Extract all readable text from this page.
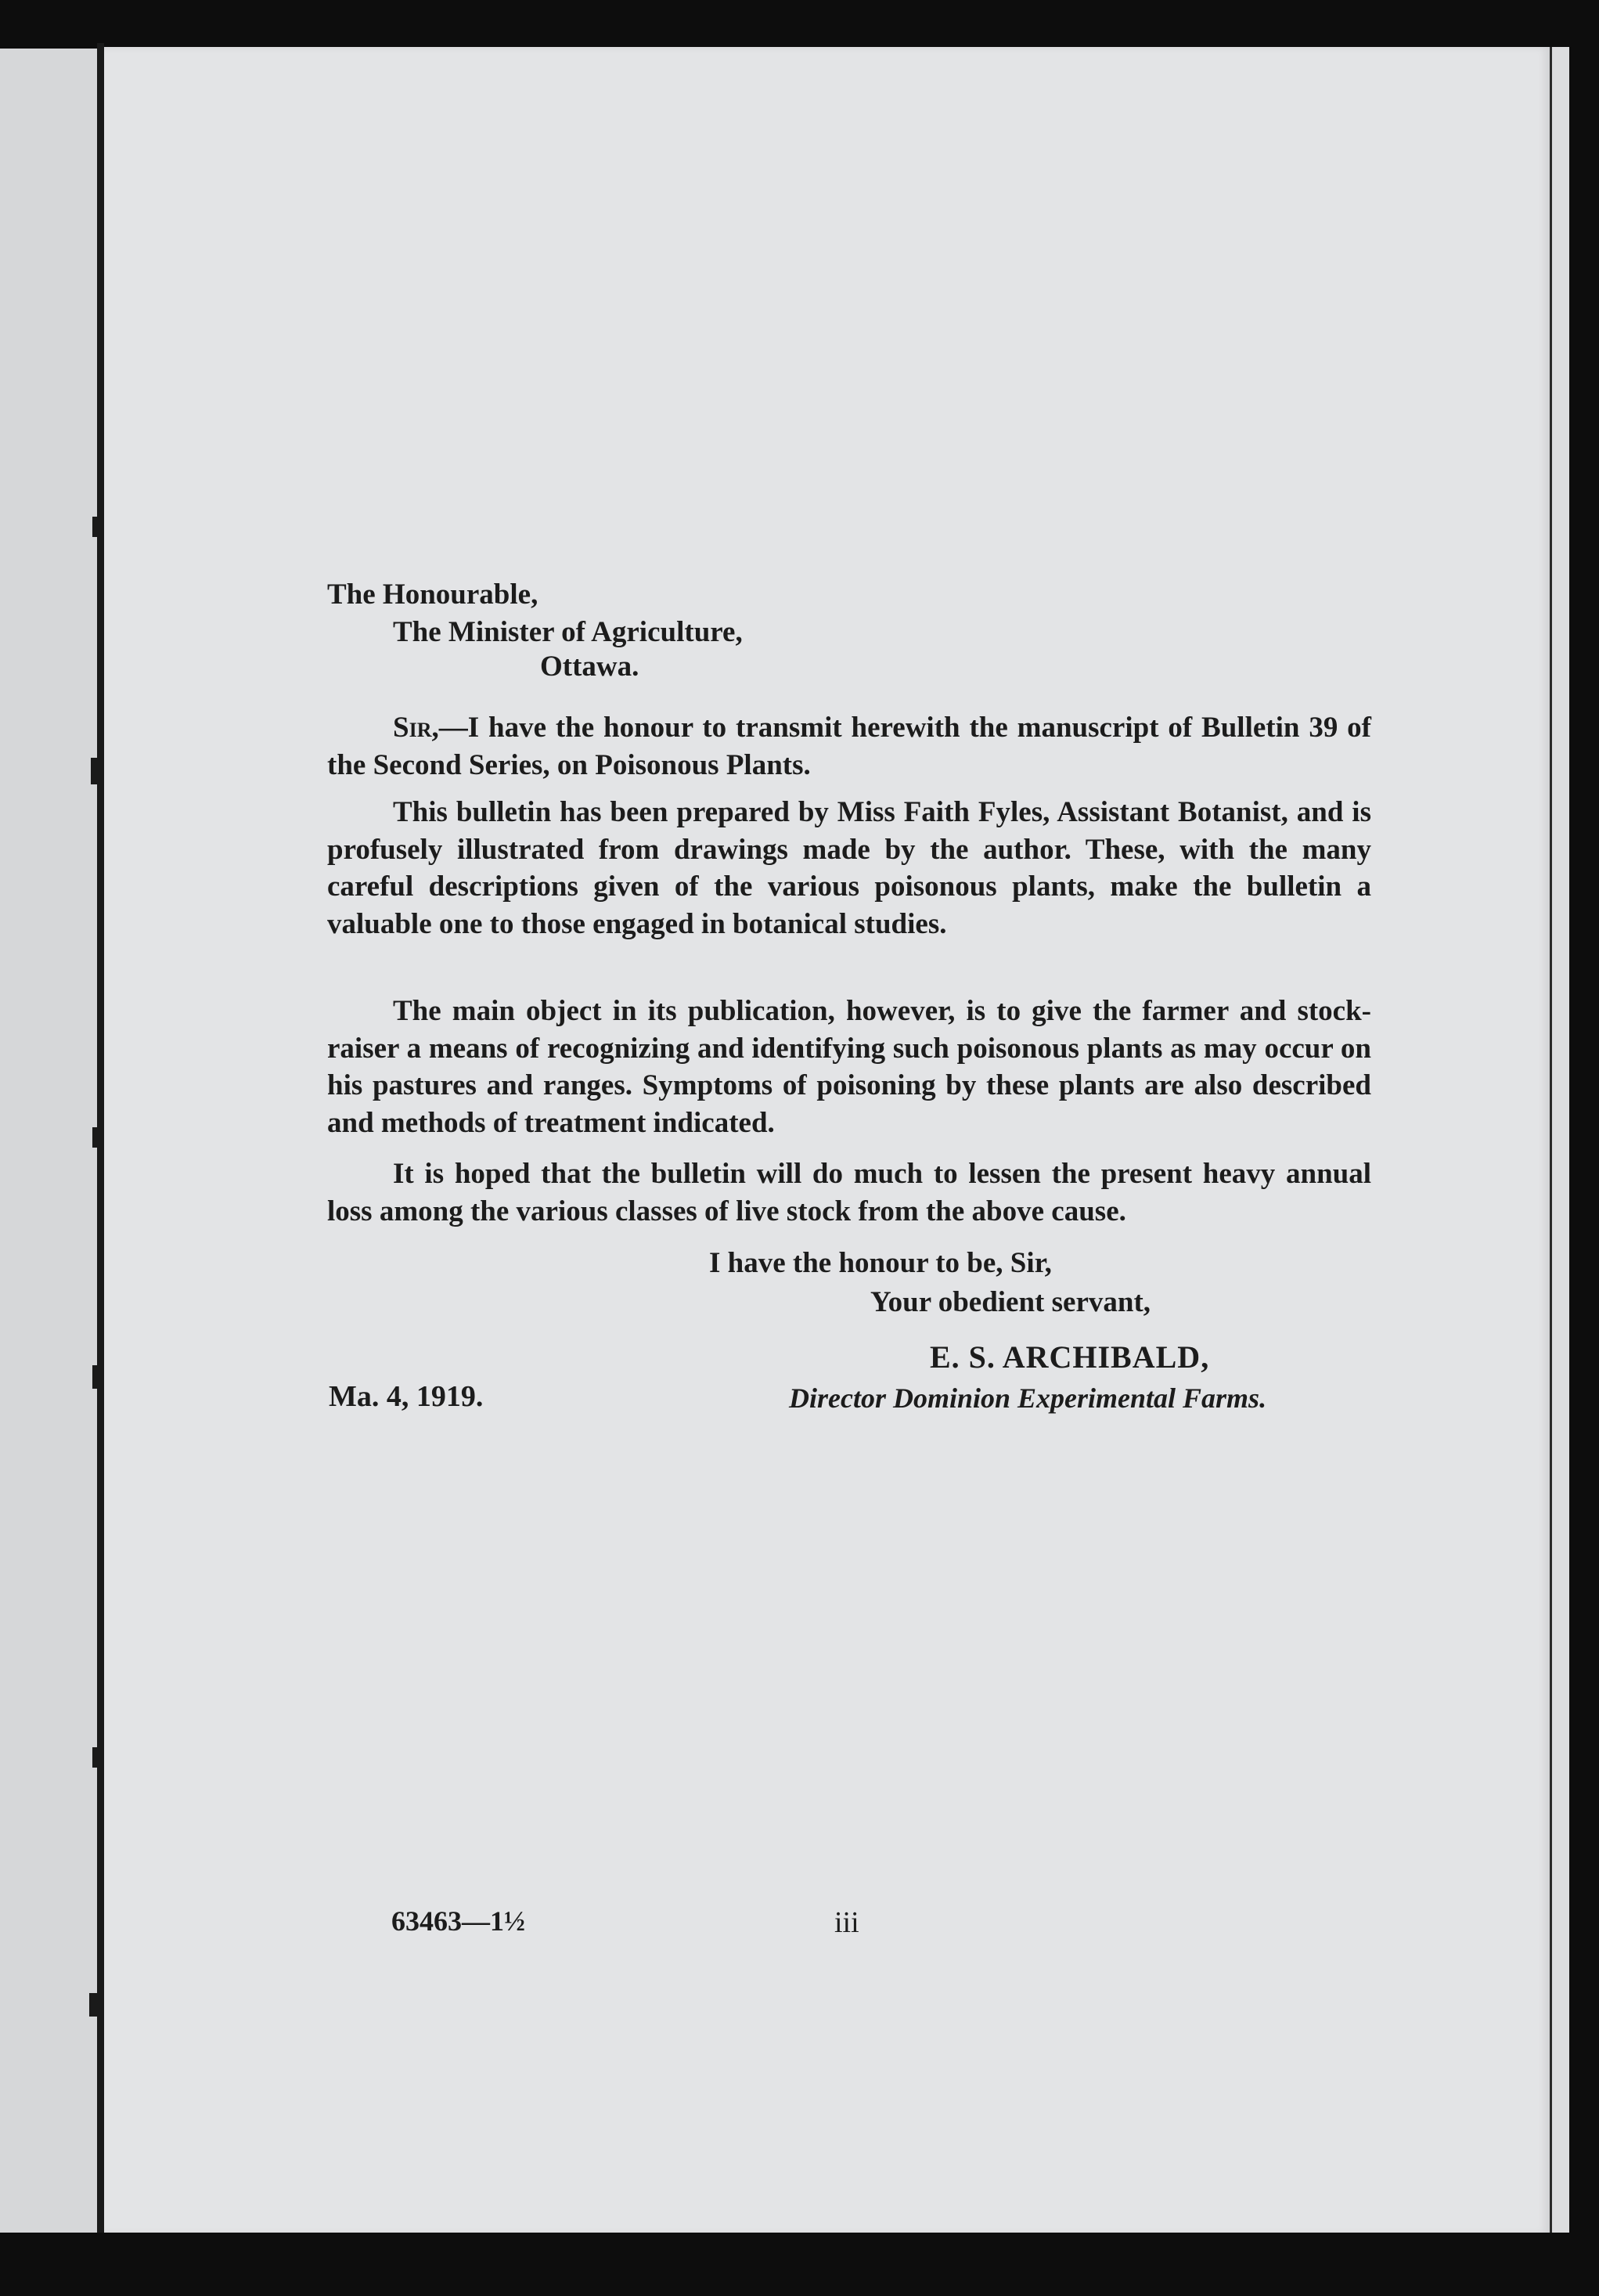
The Honourable,
The Minister of Agriculture,
Ottawa.
Sir,—I have the honour to transmit herewith the manuscript of Bulletin 39 of the Second Series, on Poisonous Plants.
This bulletin has been prepared by Miss Faith Fyles, Assistant Botanist, and is profusely illustrated from drawings made by the author. These, with the many careful descriptions given of the various poisonous plants, make the bulletin a valuable one to those engaged in botanical studies.
The main object in its publication, however, is to give the farmer and stock-raiser a means of recognizing and identifying such poisonous plants as may occur on his pastures and ranges. Symptoms of poisoning by these plants are also described and methods of treatment indicated.
It is hoped that the bulletin will do much to lessen the present heavy annual loss among the various classes of live stock from the above cause.
I have the honour to be, Sir,
Your obedient servant,
E. S. ARCHIBALD,
Ma. 4, 1919.	Director Dominion Experimental Farms.
63463—1½	iii
